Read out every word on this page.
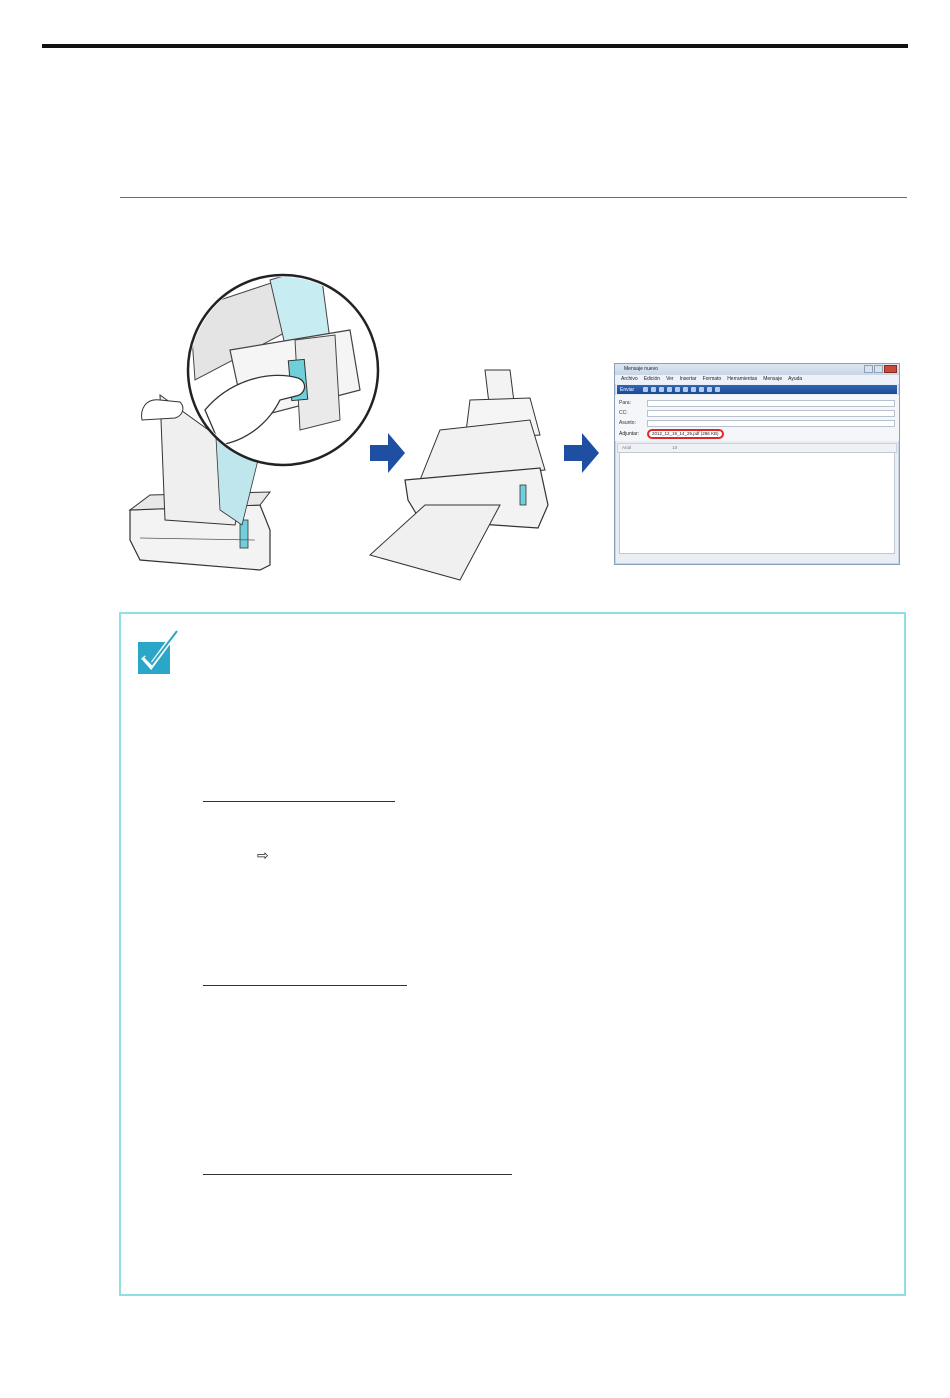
Mensaje nuevo
Archivo Edición Ver Insertar Formato Herramientas Mensaje Ayuda
Enviar
Para:
CC:
Asunto:
Adjuntar:	2012_12_19_14_25.pdf (286 KB)
Arial	10
⇨
